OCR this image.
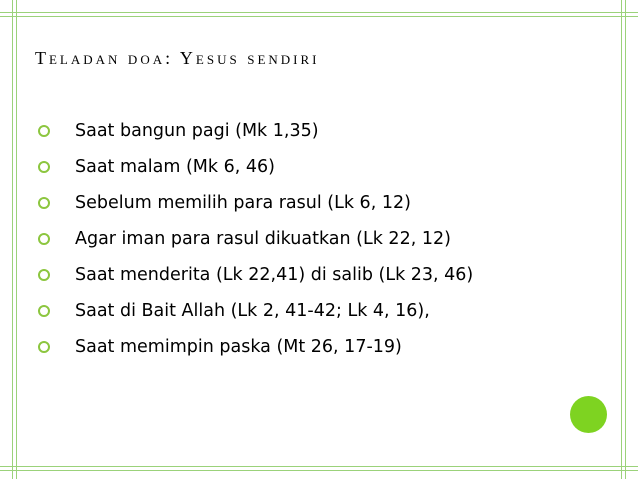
Teladan doa: Yesus sendiri
Saat bangun pagi (Mk 1,35)
Saat malam (Mk 6, 46)
Sebelum memilih para rasul (Lk 6, 12)
Agar iman para rasul dikuatkan (Lk 22, 12)
Saat menderita (Lk 22,41) di salib (Lk 23, 46)
Saat di Bait Allah (Lk 2, 41-42; Lk 4, 16),
Saat memimpin paska (Mt 26, 17-19)
